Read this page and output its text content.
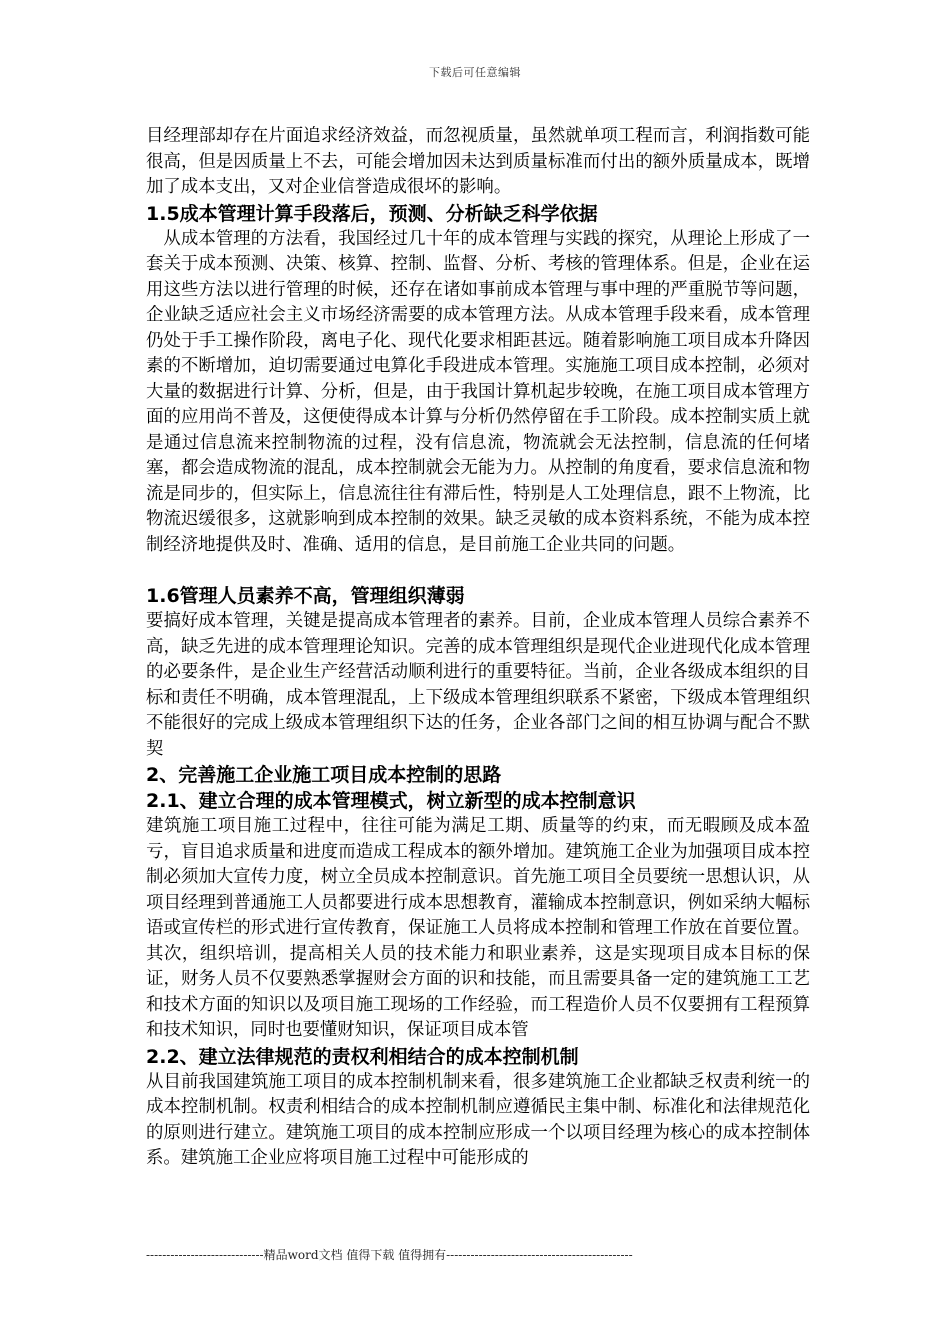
下载后可任意编辑

目经理部却存在片面追求经济效益，而忽视质量，虽然就单项工程而言，利润指数可能很高，但是因质量上不去，可能会增加因未达到质量标准而付出的额外质量成本，既增加了成本支出，又对企业信誉造成很坏的影响。

1.5成本管理计算手段落后，预测、分析缺乏科学依据

从成本管理的方法看，我国经过几十年的成本管理与实践的探究，从理论上形成了一套关于成本预测、决策、核算、控制、监督、分析、考核的管理体系。但是，企业在运用这些方法以进行管理的时候，还存在诸如事前成本管理与事中理的严重脱节等问题，企业缺乏适应社会主义市场经济需要的成本管理方法。从成本管理手段来看，成本管理仍处于手工操作阶段，离电子化、现代化要求相距甚远。随着影响施工项目成本升降因素的不断增加，迫切需要通过电算化手段进成本管理。实施施工项目成本控制，必须对大量的数据进行计算、分析，但是，由于我国计算机起步较晚，在施工项目成本管理方面的应用尚不普及，这便使得成本计算与分析仍然停留在手工阶段。成本控制实质上就是通过信息流来控制物流的过程，没有信息流，物流就会无法控制，信息流的任何堵塞，都会造成物流的混乱，成本控制就会无能为力。从控制的角度看，要求信息流和物流是同步的，但实际上，信息流往往有滞后性，特别是人工处理信息，跟不上物流，比物流迟缓很多，这就影响到成本控制的效果。缺乏灵敏的成本资料系统，不能为成本控制经济地提供及时、准确、适用的信息，是目前施工企业共同的问题。

1.6管理人员素养不高，管理组织薄弱

要搞好成本管理，关键是提高成本管理者的素养。目前，企业成本管理人员综合素养不高，缺乏先进的成本管理理论知识。完善的成本管理组织是现代企业进现代化成本管理的必要条件，是企业生产经营活动顺利进行的重要特征。当前，企业各级成本组织的目标和责任不明确，成本管理混乱，上下级成本管理组织联系不紧密，下级成本管理组织不能很好的完成上级成本管理组织下达的任务，企业各部门之间的相互协调与配合不默契

2、完善施工企业施工项目成本控制的思路
2.1、建立合理的成本管理模式，树立新型的成本控制意识

建筑施工项目施工过程中，往往可能为满足工期、质量等的约束，而无暇顾及成本盈亏，盲目追求质量和进度而造成工程成本的额外增加。建筑施工企业为加强项目成本控制必须加大宣传力度，树立全员成本控制意识。首先施工项目全员要统一思想认识，从项目经理到普通施工人员都要进行成本思想教育，灌输成本控制意识，例如采纳大幅标语或宣传栏的形式进行宣传教育，保证施工人员将成本控制和管理工作放在首要位置。其次，组织培训，提高相关人员的技术能力和职业素养，这是实现项目成本目标的保证，财务人员不仅要熟悉掌握财会方面的识和技能，而且需要具备一定的建筑施工工艺和技术方面的知识以及项目施工现场的工作经验，而工程造价人员不仅要拥有工程预算和技术知识，同时也要懂财知识，保证项目成本管

2.2、建立法律规范的责权利相结合的成本控制机制

从目前我国建筑施工项目的成本控制机制来看，很多建筑施工企业都缺乏权责利统一的成本控制机制。权责利相结合的成本控制机制应遵循民主集中制、标准化和法律规范化的原则进行建立。建筑施工项目的成本控制应形成一个以项目经理为核心的成本控制体系。建筑施工企业应将项目施工过程中可能形成的

-----------------------------精品word文档 值得下载 值得拥有----------------------------------------------
